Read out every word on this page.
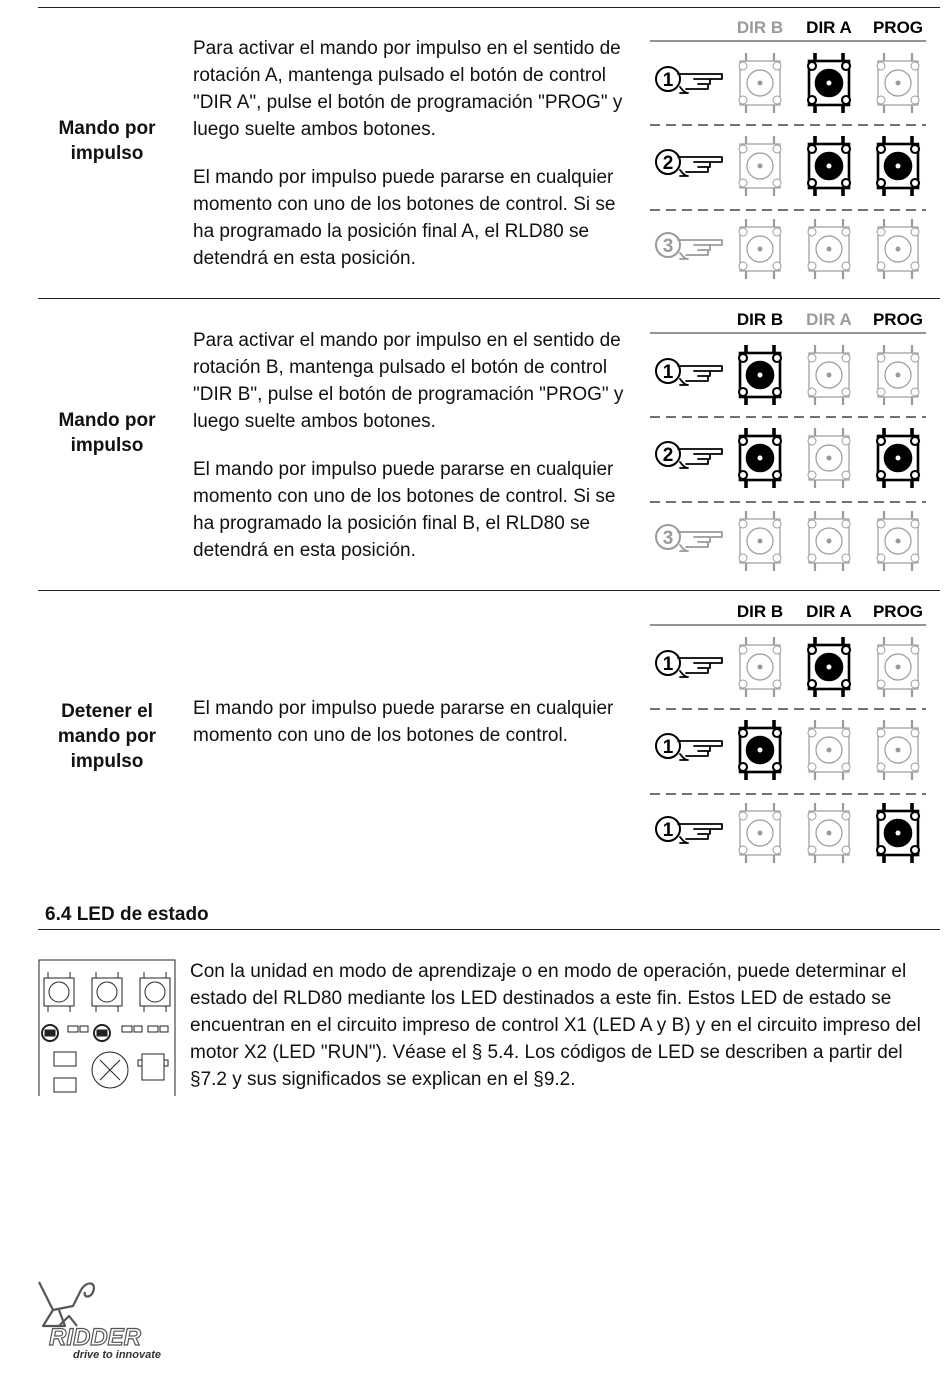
Mando por impulso

Para activar el mando por impulso en el sentido de rotación A, mantenga pulsado el botón de control "DIR A", pulse el botón de programación "PROG" y luego suelte ambos botones.

El mando por impulso puede pararse en cualquier momento con uno de los botones de control. Si se ha programado la posición final A, el RLD80 se detendrá en esta posición.

DIR B DIR A PROG
1
2
3
Mando por impulso

Para activar el mando por impulso en el sentido de rotación B, mantenga pulsado el botón de control "DIR B", pulse el botón de programación "PROG" y luego suelte ambos botones.

El mando por impulso puede pararse en cualquier momento con uno de los botones de control. Si se ha programado la posición final B, el RLD80 se detendrá en esta posición.

DIR B DIR A PROG
1
2
3
Detener el mando por impulso

El mando por impulso puede pararse en cualquier momento con uno de los botones de control.

DIR B DIR A PROG
1
1
1
6.4 LED de estado

Con la unidad en modo de aprendizaje o en modo de operación, puede determinar el estado del RLD80 mediante los LED destinados a este fin. Estos LED de estado se encuentran en el circuito impreso de control X1 (LED A y B) y en el circuito impreso del motor X2 (LED "RUN"). Véase el § 5.4. Los códigos de LED se describen a partir del §7.2 y sus significados se explican en el §9.2.

RIDDER
drive to innovate
